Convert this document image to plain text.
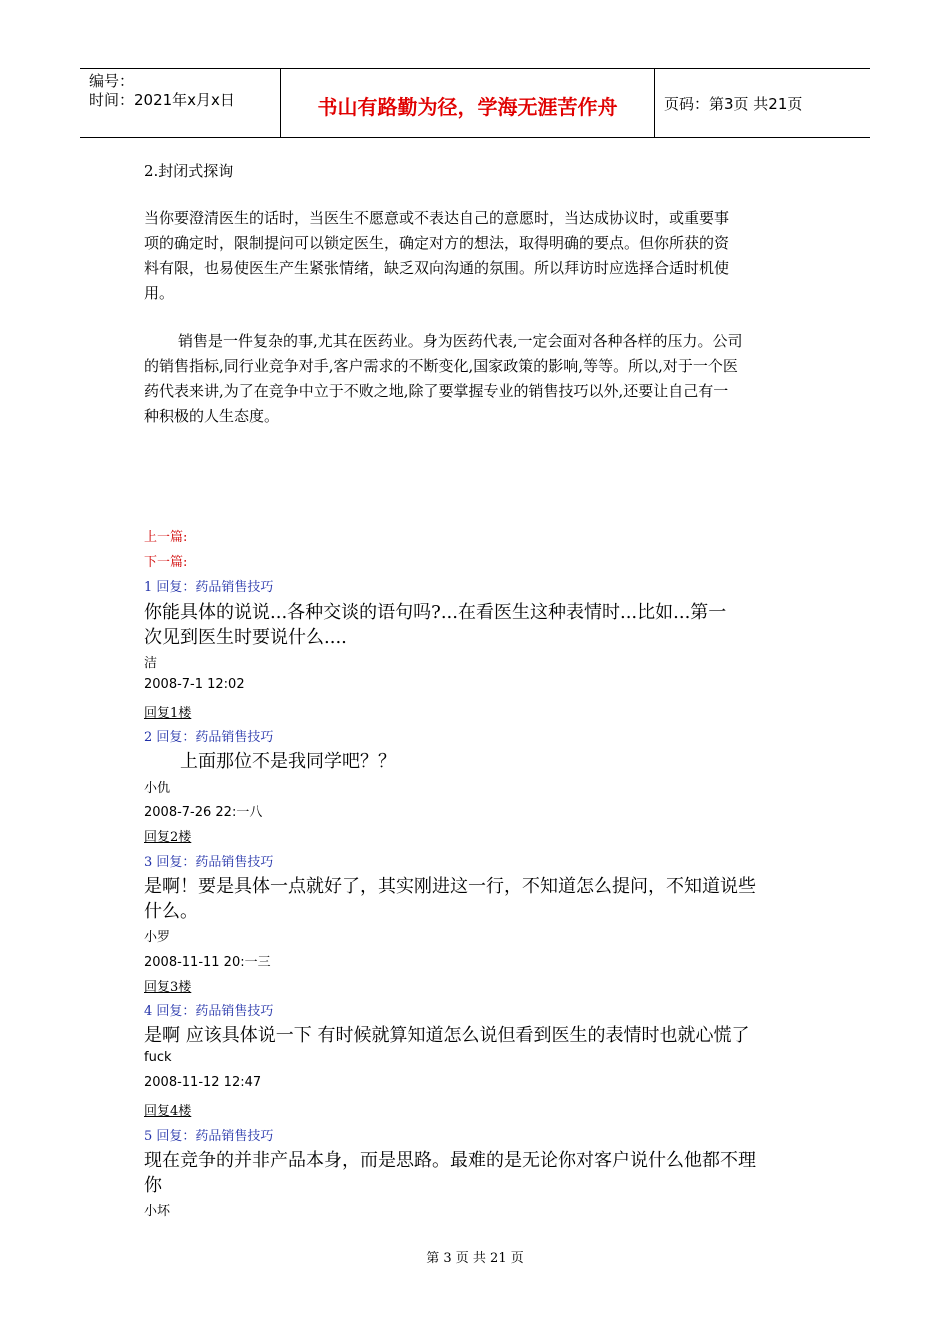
编号：
时间：2021年x月x日	书山有路勤为径，学海无涯苦作舟	页码：第3页 共21页
2.封闭式探询
当你要澄清医生的话时，当医生不愿意或不表达自己的意愿时，当达成协议时，或重要事
项的确定时，限制提问可以锁定医生，确定对方的想法，取得明确的要点。但你所获的资
料有限，也易使医生产生紧张情绪，缺乏双向沟通的氛围。所以拜访时应选择合适时机使
用。
销售是一件复杂的事,尤其在医药业。身为医药代表,一定会面对各种各样的压力。公司
的销售指标,同行业竞争对手,客户需求的不断变化,国家政策的影响,等等。所以,对于一个医
药代表来讲,为了在竞争中立于不败之地,除了要掌握专业的销售技巧以外,还要让自己有一
种积极的人生态度。
上一篇:
下一篇:
1 回复：药品销售技巧
你能具体的说说...各种交谈的语句吗?...在看医生这种表情时...比如...第一
次见到医生时要说什么....
洁
2008-7-1 12:02
回复1楼
2 回复：药品销售技巧
上面那位不是我同学吧？？
小仇
2008-7-26 22:一八
回复2楼
3 回复：药品销售技巧
是啊！要是具体一点就好了，其实刚进这一行，不知道怎么提问，不知道说些
什么。
小罗
2008-11-11 20:一三
回复3楼
4 回复：药品销售技巧
是啊 应该具体说一下 有时候就算知道怎么说但看到医生的表情时也就心慌了
fuck
2008-11-12 12:47
回复4楼
5 回复：药品销售技巧
现在竞争的并非产品本身，而是思路。最难的是无论你对客户说什么他都不理
你
小坏
第 3 页 共 21 页
